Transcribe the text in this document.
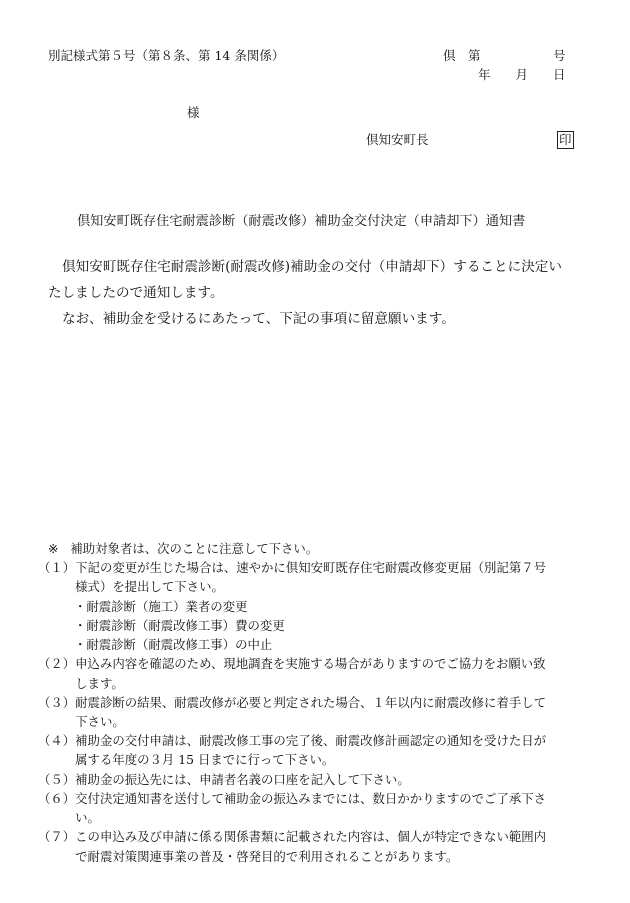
別記様式第５号（第８条、第 14 条関係）	倶　第	号
年　　月　　日
様
倶知安町長	印
倶知安町既存住宅耐震診断（耐震改修）補助金交付決定（申請却下）通知書
倶知安町既存住宅耐震診断(耐震改修)補助金の交付（申請却下）することに決定い
たしましたので通知します。
なお、補助金を受けるにあたって、下記の事項に留意願います。
※ 補助対象者は、次のことに注意して下さい。
（１） 下記の変更が生じた場合は、速やかに倶知安町既存住宅耐震改修変更届（別記第７号
様式）を提出して下さい。
・耐震診断（施工）業者の変更
・耐震診断（耐震改修工事）費の変更
・耐震診断（耐震改修工事）の中止
（２） 申込み内容を確認のため、現地調査を実施する場合がありますのでご協力をお願い致
します。
（３） 耐震診断の結果、耐震改修が必要と判定された場合、１年以内に耐震改修に着手して
下さい。
（４） 補助金の交付申請は、耐震改修工事の完了後、耐震改修計画認定の通知を受けた日が
属する年度の３月 15 日までに行って下さい。
（５） 補助金の振込先には、申請者名義の口座を記入して下さい。
（６） 交付決定通知書を送付して補助金の振込みまでには、数日かかりますのでご了承下さ
い。
（７） この申込み及び申請に係る関係書類に記載された内容は、個人が特定できない範囲内
で耐震対策関連事業の普及・啓発目的で利用されることがあります。
